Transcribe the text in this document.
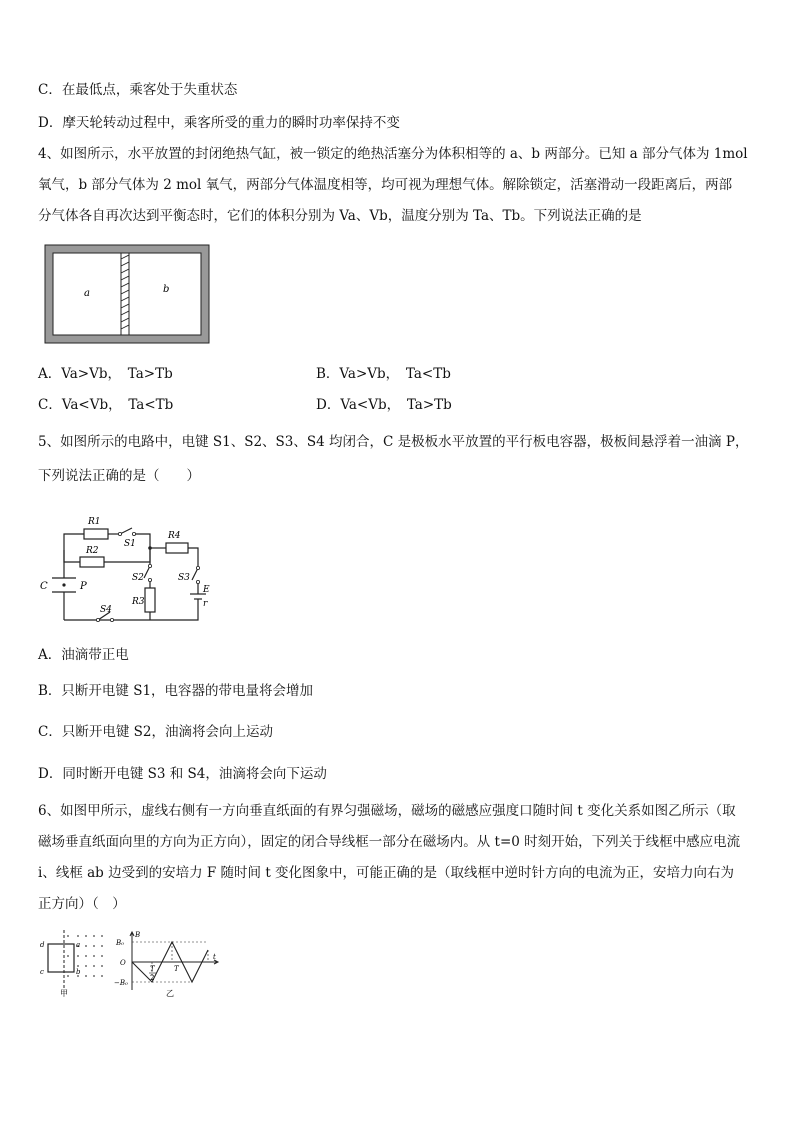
C．在最低点，乘客处于失重状态
D．摩天轮转动过程中，乘客所受的重力的瞬时功率保持不变
4、如图所示，水平放置的封闭绝热气缸，被一锁定的绝热活塞分为体积相等的 a、b 两部分。已知 a 部分气体为 1mol
氧气，b 部分气体为 2 mol 氧气，两部分气体温度相等，均可视为理想气体。解除锁定，活塞滑动一段距离后，两部
分气体各自再次达到平衡态时，它们的体积分别为 Va、Vb，温度分别为 Ta、Tb。下列说法正确的是
a	b
A．Va>Vb，　Ta>Tb	B．Va>Vb，　Ta<Tb
C．Va<Vb，　Ta<Tb	D．Va<Vb，　Ta>Tb
5、如图所示的电路中，电键 S1、S2、S3、S4 均闭合，C 是极板水平放置的平行板电容器，极板间悬浮着一油滴 P，
下列说法正确的是（　　）
R1
R2
S1
R4
S2	S3
R3
E
r
S4
C	P
A．油滴带正电
B．只断开电键 S1，电容器的带电量将会增加
C．只断开电键 S2，油滴将会向上运动
D．同时断开电键 S3 和 S4，油滴将会向下运动
6、如图甲所示，虚线右侧有一方向垂直纸面的有界匀强磁场，磁场的磁感应强度口随时间 t 变化关系如图乙所示（取
磁场垂直纸面向里的方向为正方向），固定的闭合导线框一部分在磁场内。从 t=0 时刻开始，下列关于线框中感应电流
i、线框 ab 边受到的安培力 F 随时间 t 变化图象中，可能正确的是（取线框中逆时针方向的电流为正，安培力向右为
正方向）（　）
d	a
c	b
甲
B
B₀
O
−B₀
T
2
T
t
乙
